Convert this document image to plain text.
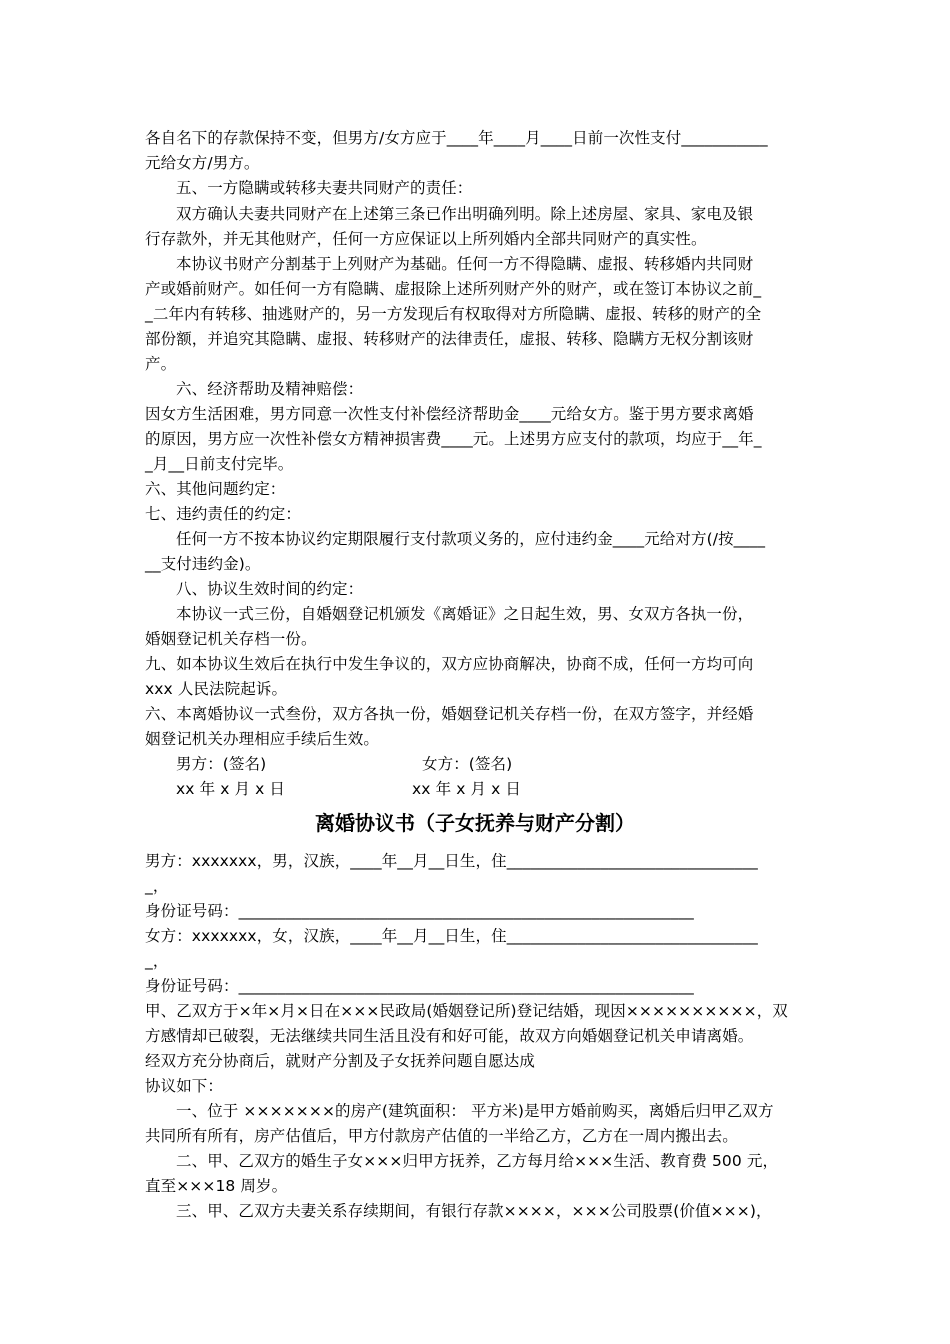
各自名下的存款保持不变，但男方/女方应于____年____月____日前一次性支付___________
元给女方/男方。
五、一方隐瞒或转移夫妻共同财产的责任：
双方确认夫妻共同财产在上述第三条已作出明确列明。除上述房屋、家具、家电及银
行存款外，并无其他财产，任何一方应保证以上所列婚内全部共同财产的真实性。
本协议书财产分割基于上列财产为基础。任何一方不得隐瞒、虚报、转移婚内共同财
产或婚前财产。如任何一方有隐瞒、虚报除上述所列财产外的财产，或在签订本协议之前_
_二年内有转移、抽逃财产的，另一方发现后有权取得对方所隐瞒、虚报、转移的财产的全
部份额，并追究其隐瞒、虚报、转移财产的法律责任，虚报、转移、隐瞒方无权分割该财
产。
六、经济帮助及精神赔偿：
因女方生活困难，男方同意一次性支付补偿经济帮助金____元给女方。鉴于男方要求离婚
的原因，男方应一次性补偿女方精神损害费____元。上述男方应支付的款项，均应于__年_
_月__日前支付完毕。
六、其他问题约定：
七、违约责任的约定：
任何一方不按本协议约定期限履行支付款项义务的，应付违约金____元给对方(/按____
__支付违约金)。
八、协议生效时间的约定：
本协议一式三份，自婚姻登记机颁发《离婚证》之日起生效，男、女双方各执一份，
婚姻登记机关存档一份。
九、如本协议生效后在执行中发生争议的，双方应协商解决，协商不成，任何一方均可向
xxx 人民法院起诉。
六、本离婚协议一式叁份，双方各执一份，婚姻登记机关存档一份，在双方签字，并经婚
姻登记机关办理相应手续后生效。
男方：(签名)	女方：(签名)
xx 年 x 月 x 日	xx 年 x 月 x 日
离婚协议书（子女抚养与财产分割）
男方：xxxxxxx，男，汉族，____年__月__日生，住________________________________
_，
身份证号码：__________________________________________________________
女方：xxxxxxx，女，汉族，____年__月__日生，住________________________________
_，
身份证号码：__________________________________________________________
甲、乙双方于×年×月×日在×××民政局(婚姻登记所)登记结婚，现因××××××××××，双
方感情却已破裂，无法继续共同生活且没有和好可能，故双方向婚姻登记机关申请离婚。
经双方充分协商后，就财产分割及子女抚养问题自愿达成
协议如下：
一、位于 ×××××××的房产(建筑面积： 平方米)是甲方婚前购买，离婚后归甲乙双方
共同所有所有，房产估值后，甲方付款房产估值的一半给乙方，乙方在一周内搬出去。
二、甲、乙双方的婚生子女×××归甲方抚养，乙方每月给×××生活、教育费 500 元，
直至×××18 周岁。
三、甲、乙双方夫妻关系存续期间，有银行存款××××，×××公司股票(价值×××)，
